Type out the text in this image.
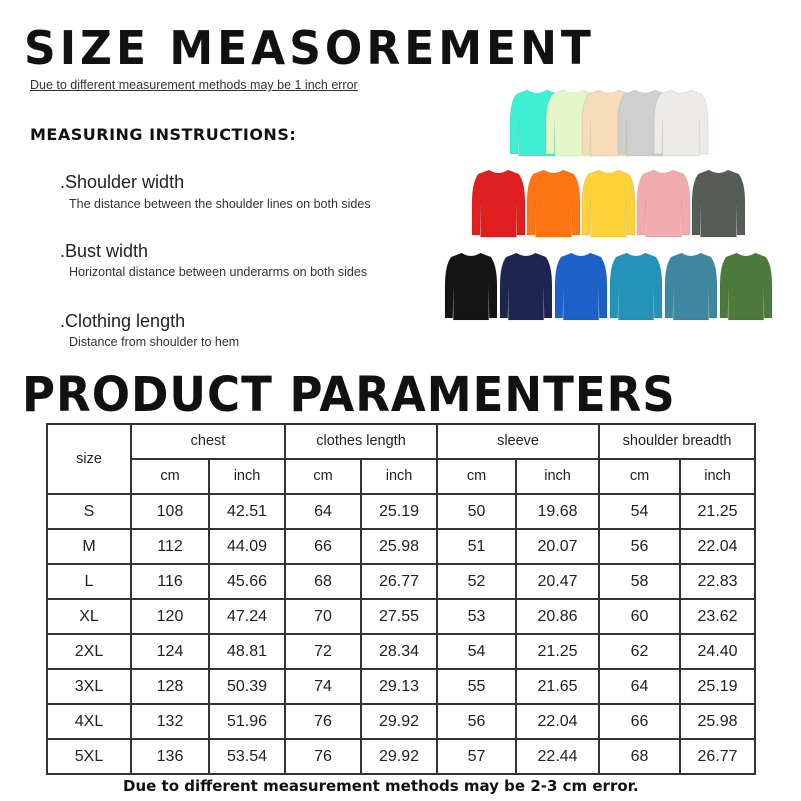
SIZE MEASOREMENT
Due to different measurement methods may be 1 inch error
MEASURING INSTRUCTIONS:
.Shoulder width
The distance between the shoulder lines on both sides
.Bust width
Horizontal distance between underarms on both sides
.Clothing length
Distance from shoulder to hem
PRODUCT PARAMENTERS
size	chest		clothes length		sleeve		shoulder breadth	
	cm	inch	cm	inch	cm	inch	cm	inch
S	108	42.51	64	25.19	50	19.68	54	21.25
M	112	44.09	66	25.98	51	20.07	56	22.04
L	116	45.66	68	26.77	52	20.47	58	22.83
XL	120	47.24	70	27.55	53	20.86	60	23.62
2XL	124	48.81	72	28.34	54	21.25	62	24.40
3XL	128	50.39	74	29.13	55	21.65	64	25.19
4XL	132	51.96	76	29.92	56	22.04	66	25.98
5XL	136	53.54	76	29.92	57	22.44	68	26.77
Due to different measurement methods may be 2-3 cm error.
